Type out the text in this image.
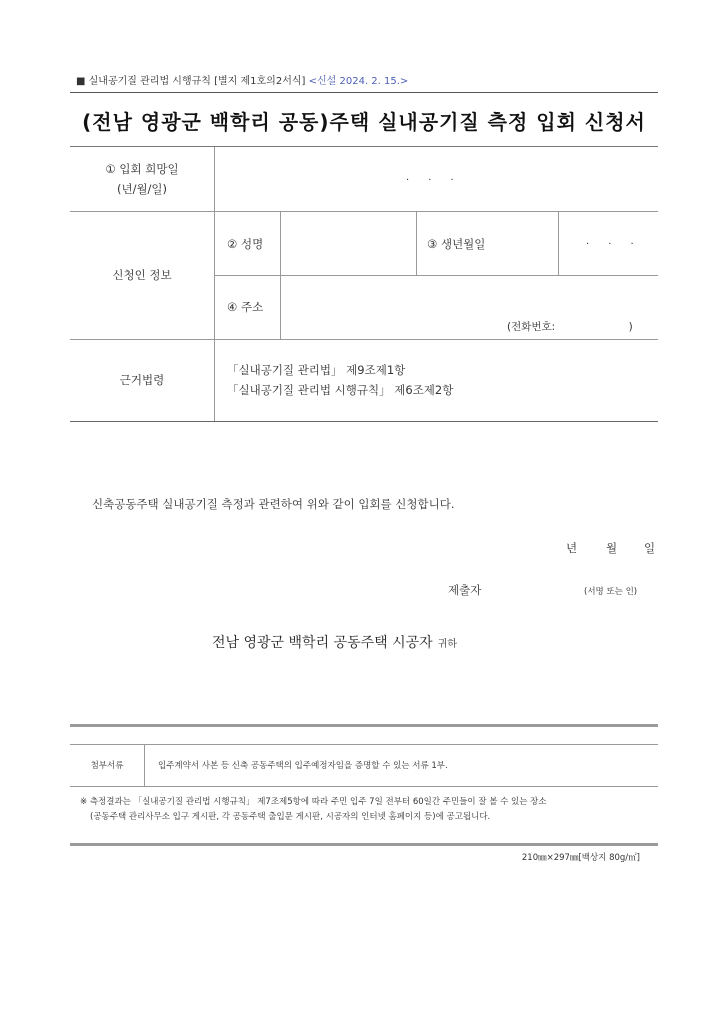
■ 실내공기질 관리법 시행규칙 [별지 제1호의2서식] <신설 2024. 2. 15.>
(전남 영광군 백학리 공동)주택 실내공기질 측정 입회 신청서
① 입회 희망일
(년/월/일)
.      .      .
신청인 정보
② 성명	③ 생년월일	.      .      .
④ 주소
(전화번호:                      )
근거법령
「실내공기질 관리법」 제9조제1항
「실내공기질 관리법 시행규칙」 제6조제2항
신축공동주택 실내공기질 측정과 관련하여 위와 같이 입회를 신청합니다.
년	월 일
제출자	(서명 또는 인)
전남 영광군 백학리 공동주택 시공자 귀하
첨부서류	입주계약서 사본 등 신축 공동주택의 입주예정자임을 증명할 수 있는 서류 1부.
※ 측정결과는 「실내공기질 관리법 시행규칙」 제7조제5항에 따라 주민 입주 7일 전부터 60일간 주민들이 잘 볼 수 있는 장소
(공동주택 관리사무소 입구 게시판, 각 공동주택 출입문 게시판, 시공자의 인터넷 홈페이지 등)에 공고됩니다.
210㎜×297㎜[백상지 80g/㎡]
